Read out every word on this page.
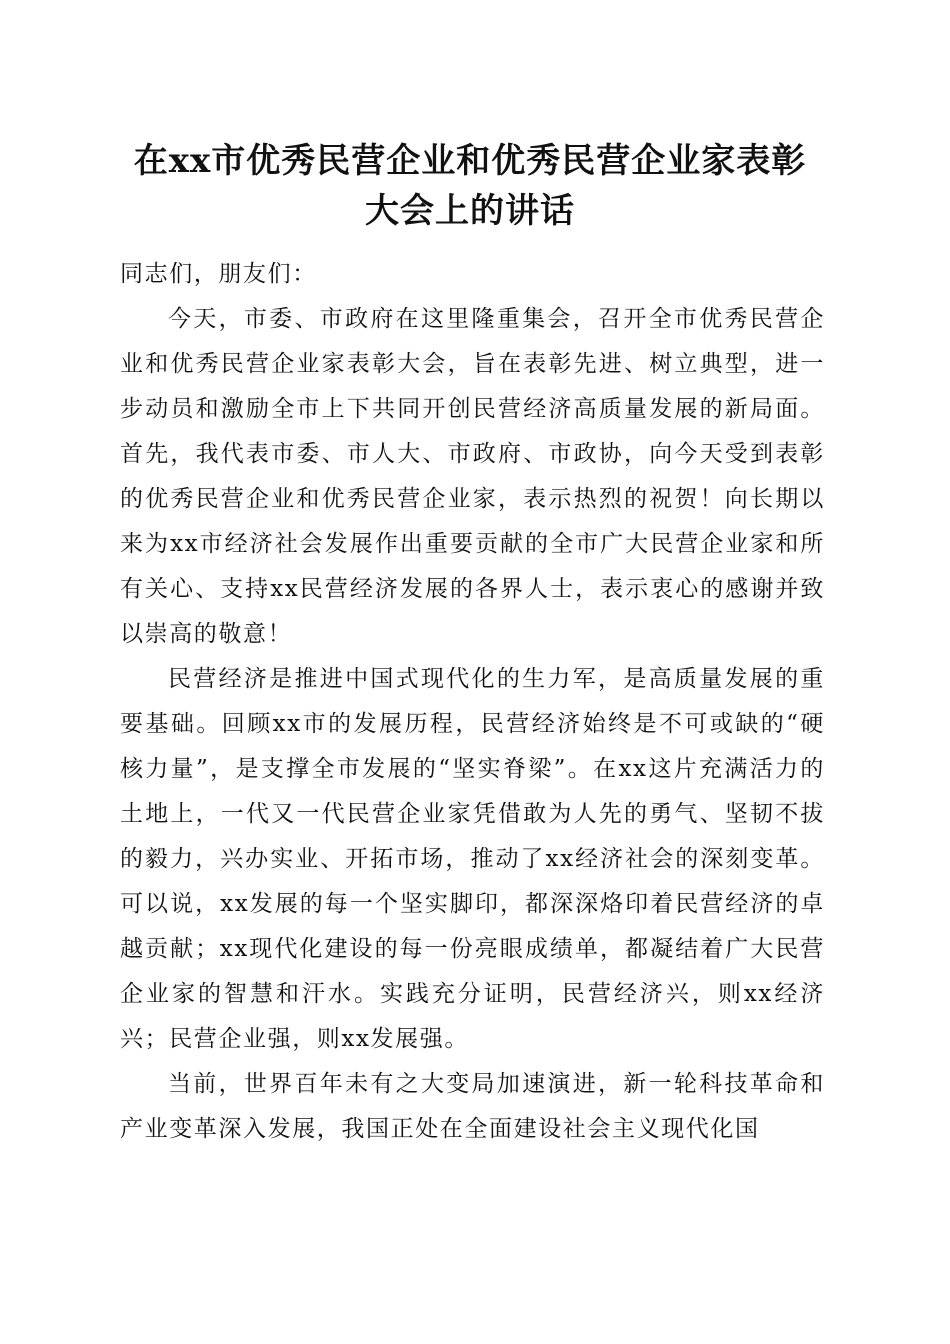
在xx市优秀民营企业和优秀民营企业家表彰
大会上的讲话

同志们，朋友们：

今天，市委、市政府在这里隆重集会，召开全市优秀民营企业和优秀民营企业家表彰大会，旨在表彰先进、树立典型，进一步动员和激励全市上下共同开创民营经济高质量发展的新局面。首先，我代表市委、市人大、市政府、市政协，向今天受到表彰的优秀民营企业和优秀民营企业家，表示热烈的祝贺！向长期以来为xx市经济社会发展作出重要贡献的全市广大民营企业家和所有关心、支持xx民营经济发展的各界人士，表示衷心的感谢并致以崇高的敬意！

民营经济是推进中国式现代化的生力军，是高质量发展的重要基础。回顾xx市的发展历程，民营经济始终是不可或缺的“硬核力量”，是支撑全市发展的“坚实脊梁”。在xx这片充满活力的土地上，一代又一代民营企业家凭借敢为人先的勇气、坚韧不拔的毅力，兴办实业、开拓市场，推动了xx经济社会的深刻变革。可以说，xx发展的每一个坚实脚印，都深深烙印着民营经济的卓越贡献；xx现代化建设的每一份亮眼成绩单，都凝结着广大民营企业家的智慧和汗水。实践充分证明，民营经济兴，则xx经济兴；民营企业强，则xx发展强。

当前，世界百年未有之大变局加速演进，新一轮科技革命和产业变革深入发展，我国正处在全面建设社会主义现代化国
